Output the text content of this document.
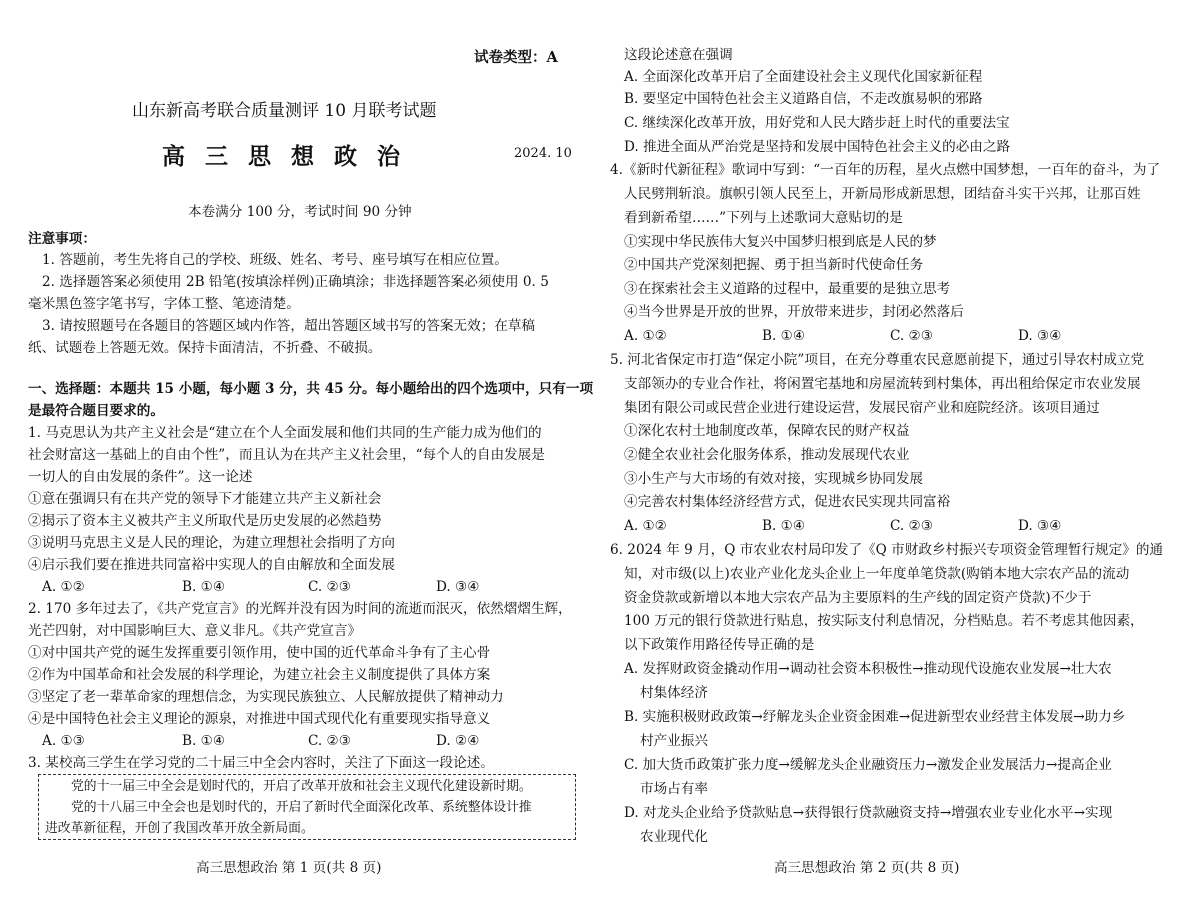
试卷类型：A
山东新高考联合质量测评 10 月联考试题
高 三 思 想 政 治	2024. 10
本卷满分 100 分，考试时间 90 分钟
注意事项：
1. 答题前，考生先将自己的学校、班级、姓名、考号、座号填写在相应位置。
2. 选择题答案必须使用 2B 铅笔(按填涂样例)正确填涂；非选择题答案必须使用 0. 5
毫米黑色签字笔书写，字体工整、笔迹清楚。
3. 请按照题号在各题目的答题区域内作答，超出答题区域书写的答案无效；在草稿
纸、试题卷上答题无效。保持卡面清洁，不折叠、不破损。
一、选择题：本题共 15 小题，每小题 3 分，共 45 分。每小题给出的四个选项中，只有一项
是最符合题目要求的。
1. 马克思认为共产主义社会是“建立在个人全面发展和他们共同的生产能力成为他们的
社会财富这一基础上的自由个性”，而且认为在共产主义社会里，“每个人的自由发展是
一切人的自由发展的条件”。这一论述
①意在强调只有在共产党的领导下才能建立共产主义新社会
②揭示了资本主义被共产主义所取代是历史发展的必然趋势
③说明马克思主义是人民的理论，为建立理想社会指明了方向
④启示我们要在推进共同富裕中实现人的自由解放和全面发展
A. ①②	B. ①④	C. ②③	D. ③④
2. 170 多年过去了，《共产党宣言》的光辉并没有因为时间的流逝而泯灭，依然熠熠生辉，
光芒四射，对中国影响巨大、意义非凡。《共产党宣言》
①对中国共产党的诞生发挥重要引领作用，使中国的近代革命斗争有了主心骨
②作为中国革命和社会发展的科学理论，为建立社会主义制度提供了具体方案
③坚定了老一辈革命家的理想信念，为实现民族独立、人民解放提供了精神动力
④是中国特色社会主义理论的源泉，对推进中国式现代化有重要现实指导意义
A. ①③	B. ①④	C. ②③	D. ②④
3. 某校高三学生在学习党的二十届三中全会内容时，关注了下面这一段论述。
党的十一届三中全会是划时代的，开启了改革开放和社会主义现代化建设新时期。
党的十八届三中全会也是划时代的，开启了新时代全面深化改革、系统整体设计推
进改革新征程，开创了我国改革开放全新局面。
高三思想政治 第 1 页(共 8 页)
这段论述意在强调
A. 全面深化改革开启了全面建设社会主义现代化国家新征程
B. 要坚定中国特色社会主义道路自信，不走改旗易帜的邪路
C. 继续深化改革开放，用好党和人民大踏步赶上时代的重要法宝
D. 推进全面从严治党是坚持和发展中国特色社会主义的必由之路
4.《新时代新征程》歌词中写到：“一百年的历程，星火点燃中国梦想，一百年的奋斗，为了
人民劈荆斩浪。旗帜引领人民至上，开新局形成新思想，团结奋斗实干兴邦，让那百姓
看到新希望……”下列与上述歌词大意贴切的是
①实现中华民族伟大复兴中国梦归根到底是人民的梦
②中国共产党深刻把握、勇于担当新时代使命任务
③在探索社会主义道路的过程中，最重要的是独立思考
④当今世界是开放的世界，开放带来进步，封闭必然落后
A. ①②	B. ①④	C. ②③	D. ③④
5. 河北省保定市打造“保定小院”项目，在充分尊重农民意愿前提下，通过引导农村成立党
支部领办的专业合作社，将闲置宅基地和房屋流转到村集体，再出租给保定市农业发展
集团有限公司或民营企业进行建设运营，发展民宿产业和庭院经济。该项目通过
①深化农村土地制度改革，保障农民的财产权益
②健全农业社会化服务体系，推动发展现代农业
③小生产与大市场的有效对接，实现城乡协同发展
④完善农村集体经济经营方式，促进农民实现共同富裕
A. ①②	B. ①④	C. ②③	D. ③④
6. 2024 年 9 月，Q 市农业农村局印发了《Q 市财政乡村振兴专项资金管理暂行规定》的通
知，对市级(以上)农业产业化龙头企业上一年度单笔贷款(购销本地大宗农产品的流动
资金贷款或新增以本地大宗农产品为主要原料的生产线的固定资产贷款)不少于
100 万元的银行贷款进行贴息，按实际支付利息情况，分档贴息。若不考虑其他因素，
以下政策作用路径传导正确的是
A. 发挥财政资金撬动作用→调动社会资本积极性→推动现代设施农业发展→壮大农
村集体经济
B. 实施积极财政政策→纾解龙头企业资金困难→促进新型农业经营主体发展→助力乡
村产业振兴
C. 加大货币政策扩张力度→缓解龙头企业融资压力→激发企业发展活力→提高企业
市场占有率
D. 对龙头企业给予贷款贴息→获得银行贷款融资支持→增强农业专业化水平→实现
农业现代化
高三思想政治 第 2 页(共 8 页)
